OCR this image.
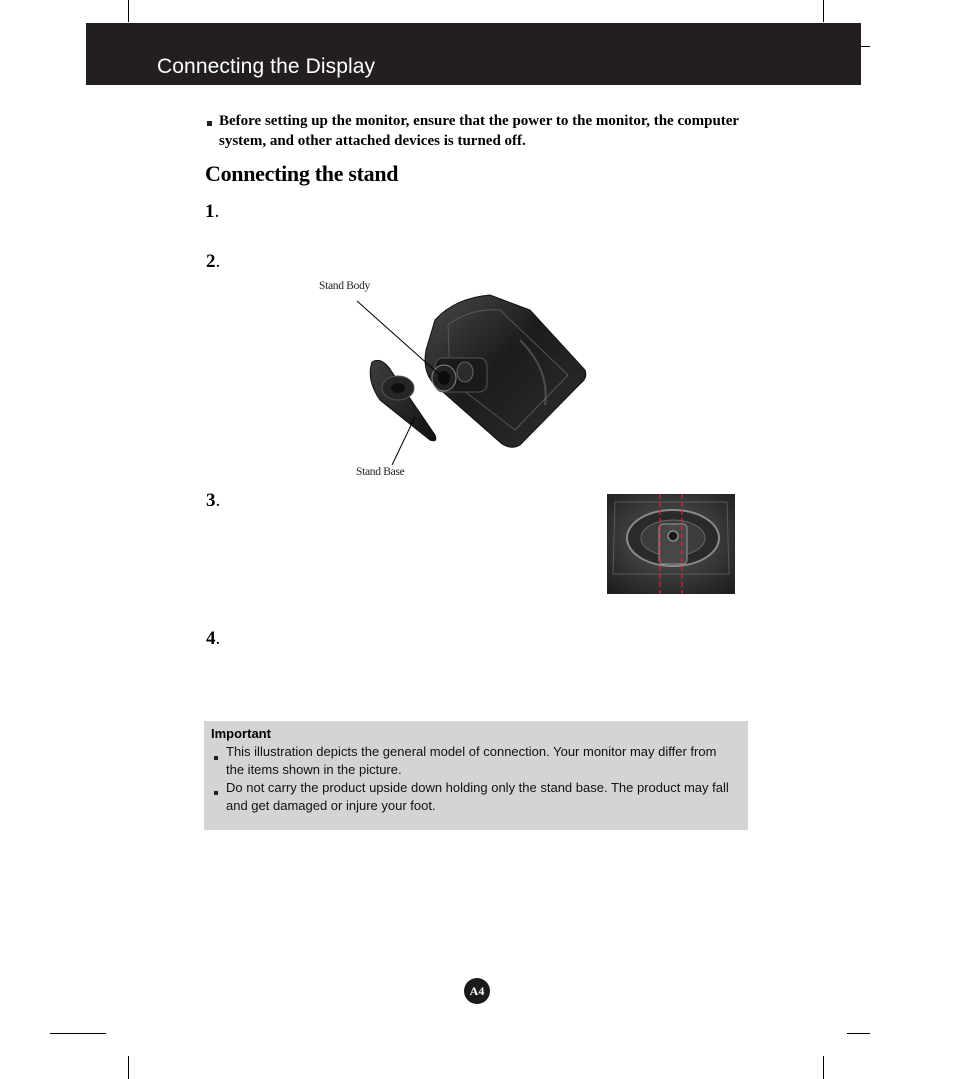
Connecting the Display
Before setting up the monitor, ensure that the power to the monitor, the computer system, and other attached devices is turned off.
Connecting the stand
1.
2.
3.
4.
Stand Body
Stand Base
Important
This illustration depicts the general model of connection. Your monitor may differ from the items shown in the picture.
Do not carry the product upside down holding only the stand base. The product may fall and get damaged or injure your foot.
A4
